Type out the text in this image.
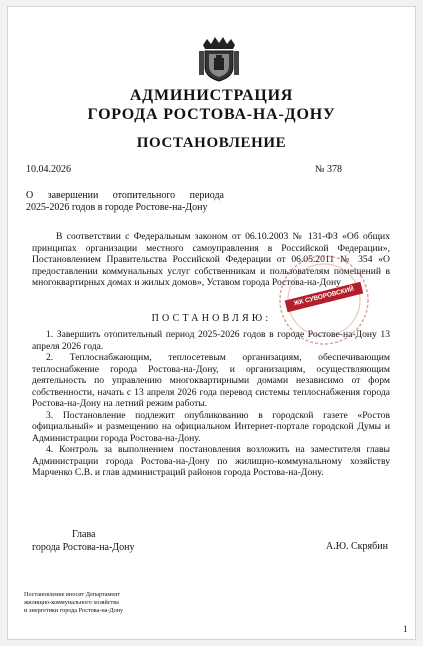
АДМИНИСТРАЦИЯ
ГОРОДА РОСТОВА-НА-ДОНУ
ПОСТАНОВЛЕНИЕ
10.04.2026	№ 378
О завершении отопительного периода
2025-2026 годов в городе Ростове-на-Дону
В соответствии с Федеральным законом от 06.10.2003 № 131-ФЗ «Об общих принципах организации местного самоуправления в Российской Федерации», Постановлением Правительства Российской Федерации от 06.05.2011 № 354 «О предоставлении коммунальных услуг собственникам и пользователям помещений в многоквартирных домах и жилых домов», Уставом города Ростова-на-Дону
ПОСТАНОВЛЯЮ:

1. Завершить отопительный период 2025-2026 годов в городе Ростове-на-Дону 13 апреля 2026 года.

2. Теплоснабжающим, теплосетевым организациям, обеспечивающим теплоснабжение города Ростова-на-Дону, и организациям, осуществляющим деятельность по управлению многоквартирными домами независимо от форм собственности, начать с 13 апреля 2026 года перевод системы теплоснабжения города Ростова-на-Дону на летний режим работы.

3. Постановление подлежит опубликованию в городской газете «Ростов официальный» и размещению на официальном Интернет-портале городской Думы и Администрации города Ростова-на-Дону.

4. Контроль за выполнением постановления возложить на заместителя главы Администрации города Ростова-на-Дону по жилищно-коммунальному хозяйству Марченко С.В. и глав администраций районов города Ростова-на-Дону.

Глава
города Ростова-на-Дону	А.Ю. Скрябин
Постановление вносит Департамент
жилищно-коммунального хозяйства
и энергетики города Ростова-на-Дону
1
ЖК СУВОРОВСКИЙ
